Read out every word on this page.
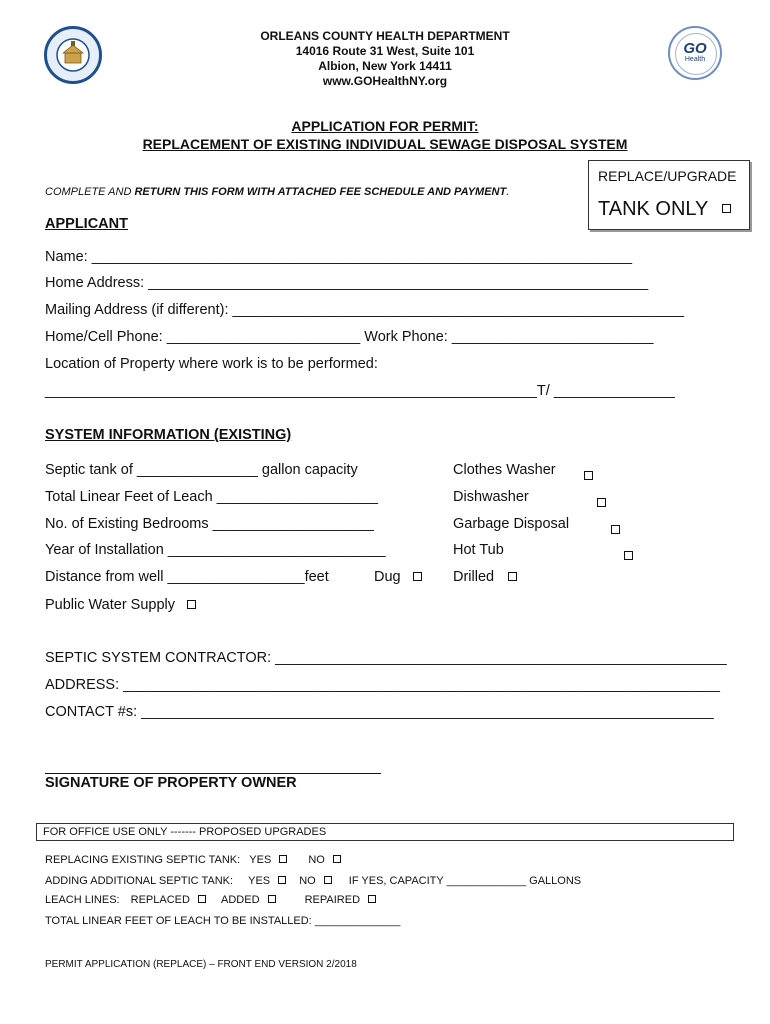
GO
Health
ORLEANS COUNTY HEALTH DEPARTMENT
14016 Route 31 West, Suite 101
Albion, New York 14411
www.GOHealthNY.org
APPLICATION FOR PERMIT:
REPLACEMENT OF EXISTING INDIVIDUAL SEWAGE DISPOSAL SYSTEM
REPLACE/UPGRADE
TANK ONLY
COMPLETE AND RETURN THIS FORM WITH ATTACHED FEE SCHEDULE AND PAYMENT.
APPLICANT
Name: ___________________________________________________________________
Home Address: ______________________________________________________________
Mailing Address (if different): ________________________________________________________
Home/Cell Phone: ________________________ Work Phone: _________________________
Location of Property where work is to be performed:
_____________________________________________________________T/ _______________
SYSTEM INFORMATION (EXISTING)
Septic tank of _______________ gallon capacity
Total Linear Feet of Leach ____________________
No. of Existing Bedrooms ____________________
Year of Installation ___________________________
Distance from well _________________feet	Dug	Drilled
Public Water Supply
Clothes Washer

Dishwasher

Garbage Disposal

Hot Tub
SEPTIC SYSTEM CONTRACTOR: ________________________________________________________
ADDRESS: __________________________________________________________________________
CONTACT #s: _______________________________________________________________________
SIGNATURE OF PROPERTY OWNER
FOR OFFICE USE ONLY ------- PROPOSED UPGRADES
REPLACING EXISTING SEPTIC TANK: YES	NO
ADDING ADDITIONAL SEPTIC TANK: YES	NO	IF YES, CAPACITY _____________ GALLONS
LEACH LINES: REPLACED	ADDED	REPAIRED
TOTAL LINEAR FEET OF LEACH TO BE INSTALLED: ______________
PERMIT APPLICATION (REPLACE) – FRONT END VERSION 2/2018
